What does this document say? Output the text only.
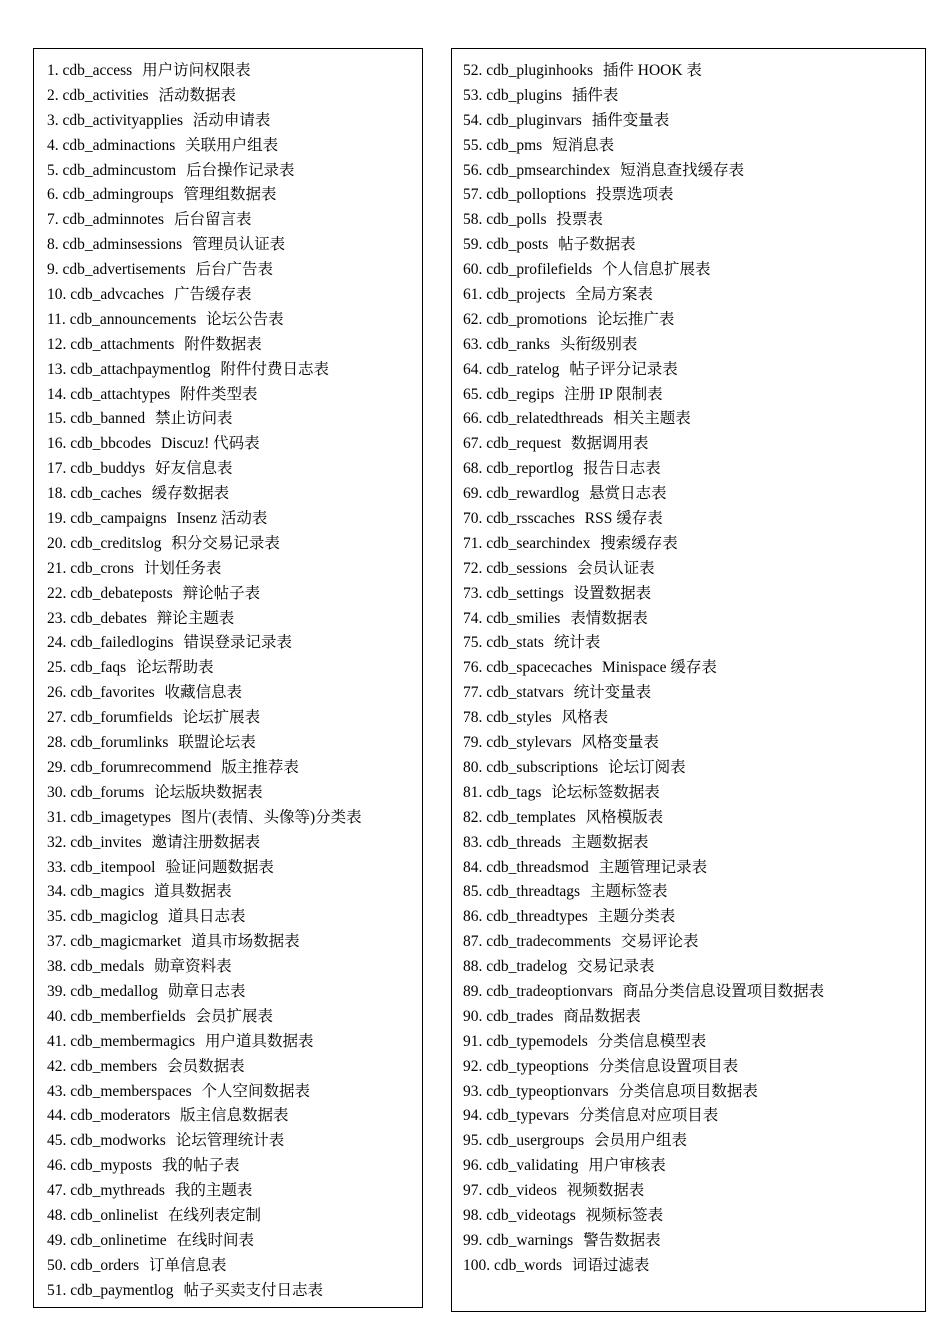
1. cdb_access 用户访问权限表
2. cdb_activities 活动数据表
3. cdb_activityapplies 活动申请表
4. cdb_adminactions 关联用户组表
5. cdb_admincustom 后台操作记录表
6. cdb_admingroups 管理组数据表
7. cdb_adminnotes 后台留言表
8. cdb_adminsessions 管理员认证表
9. cdb_advertisements 后台广告表
10. cdb_advcaches 广告缓存表
11. cdb_announcements 论坛公告表
12. cdb_attachments 附件数据表
13. cdb_attachpaymentlog 附件付费日志表
14. cdb_attachtypes 附件类型表
15. cdb_banned 禁止访问表
16. cdb_bbcodes Discuz! 代码表
17. cdb_buddys 好友信息表
18. cdb_caches 缓存数据表
19. cdb_campaigns Insenz 活动表
20. cdb_creditslog 积分交易记录表
21. cdb_crons 计划任务表
22. cdb_debateposts 辩论帖子表
23. cdb_debates 辩论主题表
24. cdb_failedlogins 错误登录记录表
25. cdb_faqs 论坛帮助表
26. cdb_favorites 收藏信息表
27. cdb_forumfields 论坛扩展表
28. cdb_forumlinks 联盟论坛表
29. cdb_forumrecommend 版主推荐表
30. cdb_forums 论坛版块数据表
31. cdb_imagetypes 图片(表情、头像等)分类表
32. cdb_invites 邀请注册数据表
33. cdb_itempool 验证问题数据表
34. cdb_magics 道具数据表
35. cdb_magiclog 道具日志表
37. cdb_magicmarket 道具市场数据表
38. cdb_medals 勋章资料表
39. cdb_medallog 勋章日志表
40. cdb_memberfields 会员扩展表
41. cdb_membermagics 用户道具数据表
42. cdb_members 会员数据表
43. cdb_memberspaces 个人空间数据表
44. cdb_moderators 版主信息数据表
45. cdb_modworks 论坛管理统计表
46. cdb_myposts 我的帖子表
47. cdb_mythreads 我的主题表
48. cdb_onlinelist 在线列表定制
49. cdb_onlinetime 在线时间表
50. cdb_orders 订单信息表
51. cdb_paymentlog 帖子买卖支付日志表
52. cdb_pluginhooks 插件 HOOK 表
53. cdb_plugins 插件表
54. cdb_pluginvars 插件变量表
55. cdb_pms 短消息表
56. cdb_pmsearchindex 短消息查找缓存表
57. cdb_polloptions 投票选项表
58. cdb_polls 投票表
59. cdb_posts 帖子数据表
60. cdb_profilefields 个人信息扩展表
61. cdb_projects 全局方案表
62. cdb_promotions 论坛推广表
63. cdb_ranks 头衔级别表
64. cdb_ratelog 帖子评分记录表
65. cdb_regips 注册 IP 限制表
66. cdb_relatedthreads 相关主题表
67. cdb_request 数据调用表
68. cdb_reportlog 报告日志表
69. cdb_rewardlog 悬赏日志表
70. cdb_rsscaches RSS 缓存表
71. cdb_searchindex 搜索缓存表
72. cdb_sessions 会员认证表
73. cdb_settings 设置数据表
74. cdb_smilies 表情数据表
75. cdb_stats 统计表
76. cdb_spacecaches Minispace 缓存表
77. cdb_statvars 统计变量表
78. cdb_styles 风格表
79. cdb_stylevars 风格变量表
80. cdb_subscriptions 论坛订阅表
81. cdb_tags 论坛标签数据表
82. cdb_templates 风格模版表
83. cdb_threads 主题数据表
84. cdb_threadsmod 主题管理记录表
85. cdb_threadtags 主题标签表
86. cdb_threadtypes 主题分类表
87. cdb_tradecomments 交易评论表
88. cdb_tradelog 交易记录表
89. cdb_tradeoptionvars 商品分类信息设置项目数据表
90. cdb_trades 商品数据表
91. cdb_typemodels 分类信息模型表
92. cdb_typeoptions 分类信息设置项目表
93. cdb_typeoptionvars 分类信息项目数据表
94. cdb_typevars 分类信息对应项目表
95. cdb_usergroups 会员用户组表
96. cdb_validating 用户审核表
97. cdb_videos 视频数据表
98. cdb_videotags 视频标签表
99. cdb_warnings 警告数据表
100. cdb_words 词语过滤表
